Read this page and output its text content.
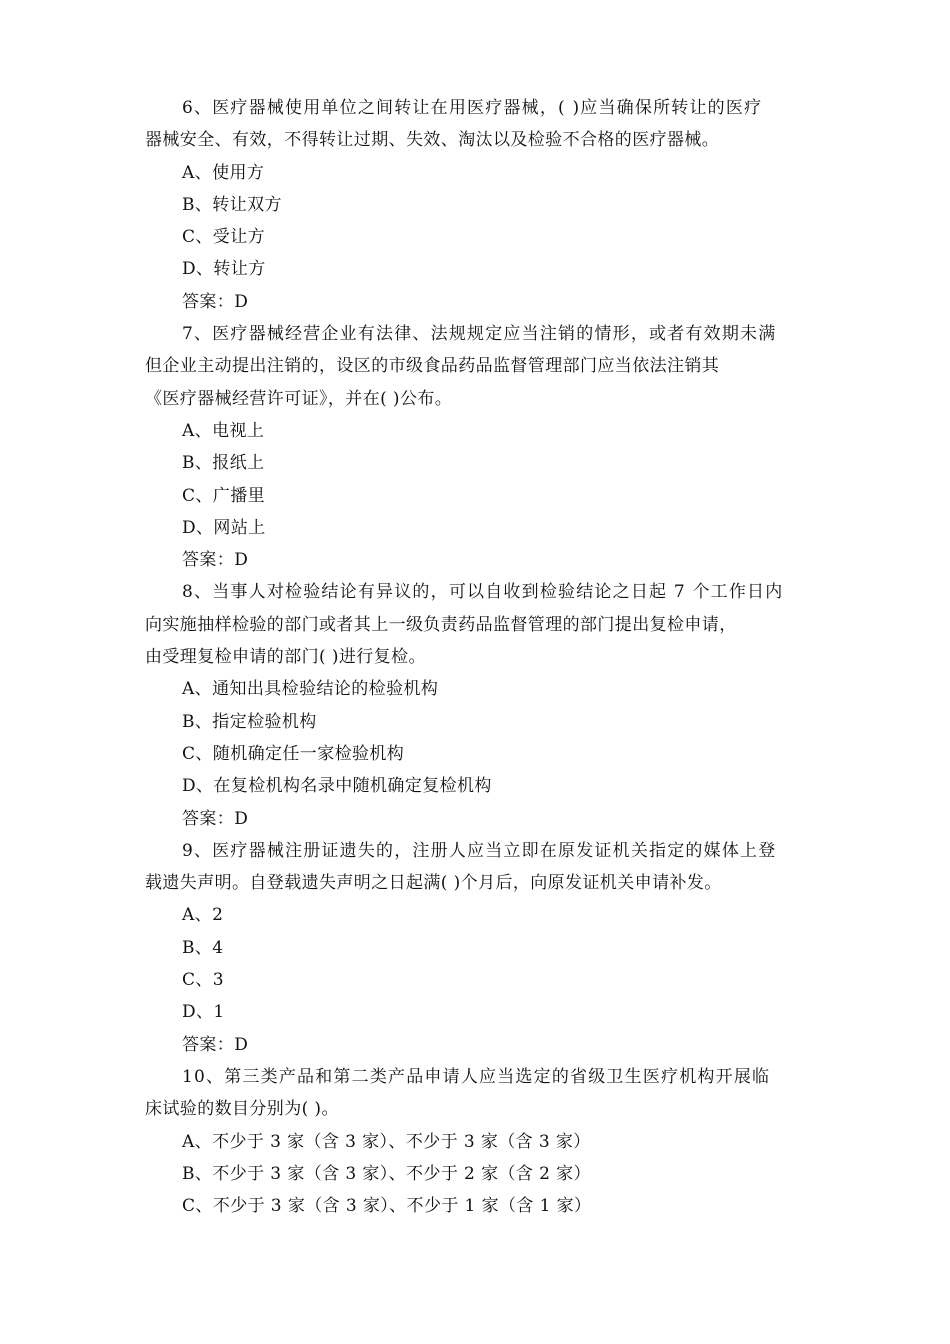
6、医疗器械使用单位之间转让在用医疗器械，( )应当确保所转让的医疗
器械安全、有效，不得转让过期、失效、淘汰以及检验不合格的医疗器械。
A、使用方
B、转让双方
C、受让方
D、转让方
答案：D
7、医疗器械经营企业有法律、法规规定应当注销的情形，或者有效期未满
但企业主动提出注销的，设区的市级食品药品监督管理部门应当依法注销其
《医疗器械经营许可证》，并在( )公布。
A、电视上
B、报纸上
C、广播里
D、网站上
答案：D
8、当事人对检验结论有异议的，可以自收到检验结论之日起 7 个工作日内
向实施抽样检验的部门或者其上一级负责药品监督管理的部门提出复检申请，
由受理复检申请的部门( )进行复检。
A、通知出具检验结论的检验机构
B、指定检验机构
C、随机确定任一家检验机构
D、在复检机构名录中随机确定复检机构
答案：D
9、医疗器械注册证遗失的，注册人应当立即在原发证机关指定的媒体上登
载遗失声明。自登载遗失声明之日起满( )个月后，向原发证机关申请补发。
A、2
B、4
C、3
D、1
答案：D
10、第三类产品和第二类产品申请人应当选定的省级卫生医疗机构开展临
床试验的数目分别为( )。
A、不少于 3 家（含 3 家）、不少于 3 家（含 3 家）
B、不少于 3 家（含 3 家）、不少于 2 家（含 2 家）
C、不少于 3 家（含 3 家）、不少于 1 家（含 1 家）
